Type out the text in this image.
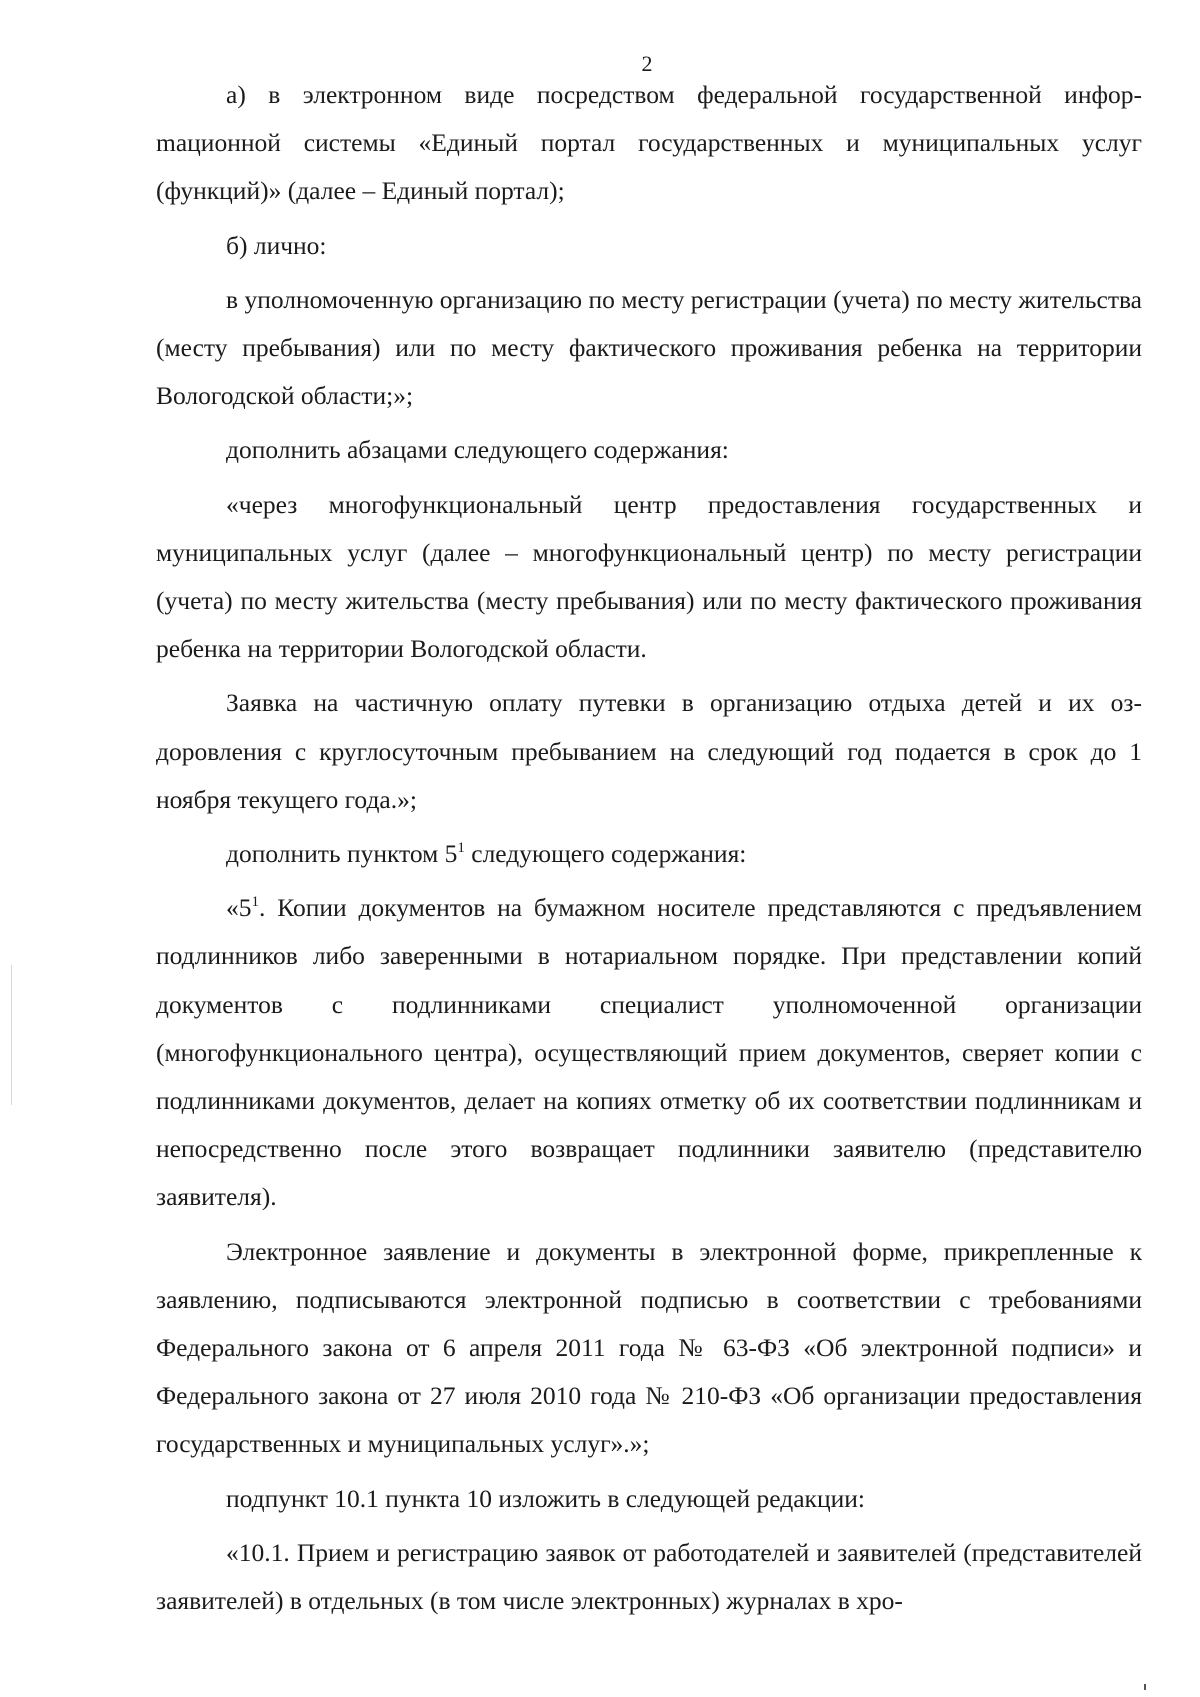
2

а) в электронном виде посредством федеральной государственной инфорmационной системы «Единый портал государственных и муниципальных услуг (функций)» (далее – Единый портал);

б) лично:

в уполномоченную организацию по месту регистрации (учета) по месту жительства (месту пребывания) или по месту фактического проживания ребенка на территории Вологодской области;»;

дополнить абзацами следующего содержания:

«через многофункциональный центр предоставления государственных и муниципальных услуг (далее – многофункциональный центр) по месту регистрации (учета) по месту жительства (месту пребывания) или по месту фактического проживания ребенка на территории Вологодской области.

Заявка на частичную оплату путевки в организацию отдыха детей и их оздоровления с круглосуточным пребыванием на следующий год подается в срок до 1 ноября текущего года.»;

дополнить пунктом $5^1$ следующего содержания:

«$5^1$. Копии документов на бумажном носителе представляются с предъявлением подлинников либо заверенными в нотариальном порядке. При представлении копий документов с подлинниками специалист уполномоченной организации (многофункционального центра), осуществляющий прием документов, сверяет копии с подлинниками документов, делает на копиях отметку об их соответствии подлинникам и непосредственно после этого возвращает подлинники заявителю (представителю заявителя).

Электронное заявление и документы в электронной форме, прикрепленные к заявлению, подписываются электронной подписью в соответствии с требованиями Федерального закона от 6 апреля 2011 года № 63-ФЗ «Об электронной подписи» и Федерального закона от 27 июля 2010 года № 210-ФЗ «Об организации предоставления государственных и муниципальных услуг».»;

подпункт 10.1 пункта 10 изложить в следующей редакции:

«10.1. Прием и регистрацию заявок от работодателей и заявителей (представителей заявителей) в отдельных (в том числе электронных) журналах в хро-
